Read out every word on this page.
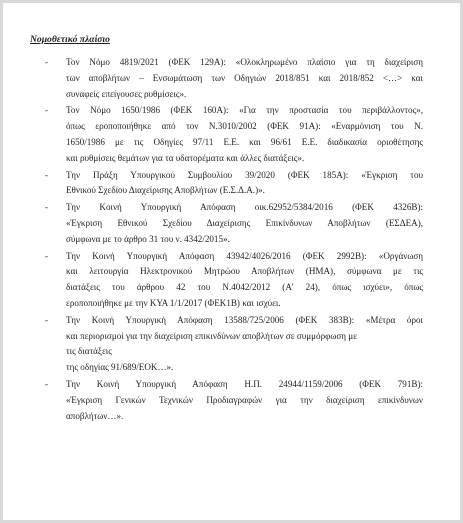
Νομοθετικό πλαίσιο

- Τον Νόμο 4819/2021 (ΦΕΚ 129Α): «Ολοκληρωμένο πλαίσιο για τη διαχείριση
των αποβλήτων – Ενσωμάτωση των Οδηγιών 2018/851 και 2018/852 <…> και
συναφείς επείγουσες ρυθμίσεις».
- Τον Νόμο 1650/1986 (ΦΕΚ 160Α): «Για την προστασία του περιβάλλοντος»,
όπως εροποποιήθηκε από τον Ν.3010/2002 (ΦΕΚ 91Α): «Εναρμόνιση του Ν.
1650/1986 με τις Οδηγίες 97/11 Ε.Ε. και 96/61 Ε.Ε. διαδικασία οριοθέτησης
και ρυθμίσεις θεμάτων για τα υδατορέματα και άλλες διατάξεις».
- Την Πράξη Υπουργικού Συμβουλίου 39/2020 (ΦΕΚ 185Α): «Έγκριση του
Εθνικού Σχεδίου Διαχείρισης Αποβλήτων (Ε.Σ.Δ.Α.)».
- Την Κοινή Υπουργική Απόφαση οικ.62952/5384/2016 (ΦΕΚ 4326Β):
«Έγκριση Εθνικού Σχεδίου Διαχείρισης Επικίνδυνων Αποβλήτων (ΕΣΔΕΑ),
σύμφωνα με το άρθρο 31 του ν. 4342/2015».
- Την Κοινή Υπουργική Απόφαση 43942/4026/2016 (ΦΕΚ 2992Β): «Οργάνωση
και λειτουργία Ηλεκτρονικού Μητρώου Αποβλήτων (ΗΜΑ), σύμφωνα με τις
διατάξεις του άρθρου 42 του Ν.4042/2012 (Α' 24), όπως ισχύει», όπως
εροποποιήθηκε με την ΚΥΑ 1/1/2017 (ΦΕΚ1Β) και ισχύει.
- Την Κοινή Υπουργική Απόφαση 13588/725/2006 (ΦΕΚ 383Β): «Μέτρα όροι
και περιορισμοί για την διαχείριση επικινδύνων αποβλήτων σε συμμόρφωση με
τις διατάξεις
της οδηγίας 91/689/ΕΟΚ…».
- Την Κοινή Υπουργική Απόφαση Η.Π. 24944/1159/2006 (ΦΕΚ 791Β):
«Έγκριση Γενικών Τεχνικών Προδιαγραφών για την διαχείριση επικίνδυνων
αποβλήτων…».
